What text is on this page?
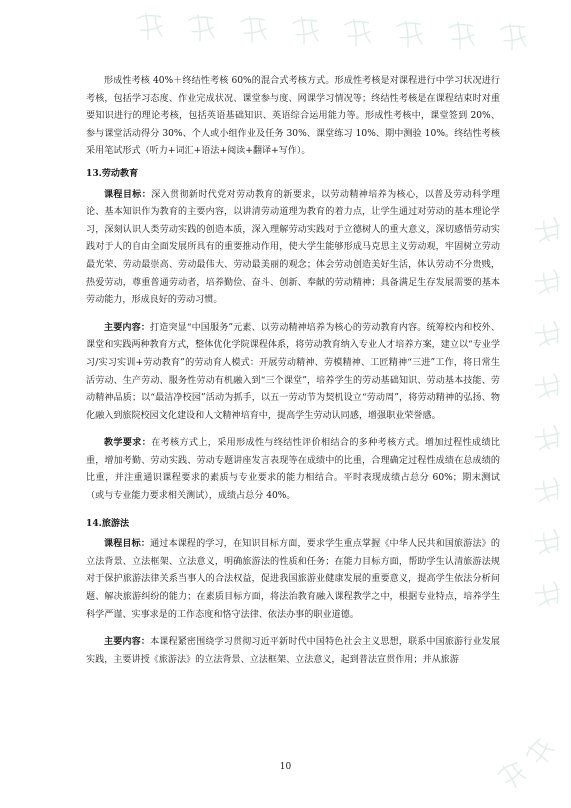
形成性考核 40%＋终结性考核 60%的混合式考核方式。形成性考核是对课程进行中学习状况进行考核，包括学习态度、作业完成状况、课堂参与度、网课学习情况等；终结性考核是在课程结束时对重要知识进行的理论考核，包括英语基础知识、英语综合运用能力等。形成性考核中，课堂签到 20%、参与课堂活动得分 30%、个人或小组作业及任务 30%、课堂练习 10%、期中测验 10%。终结性考核采用笔试形式（听力+词汇+语法+阅读+翻译+写作）。

13.劳动教育

课程目标：深入贯彻新时代党对劳动教育的新要求，以劳动精神培养为核心，以普及劳动科学理论、基本知识作为教育的主要内容，以讲清劳动道理为教育的着力点，让学生通过对劳动的基本理论学习，深刻认识人类劳动实践的创造本质，深入理解劳动实践对于立德树人的重大意义，深切感悟劳动实践对于人的自由全面发展所具有的重要推动作用，使大学生能够形成马克思主义劳动观，牢固树立劳动最光荣、劳动最崇高、劳动最伟大、劳动最美丽的观念；体会劳动创造美好生活，体认劳动不分贵贱，热爱劳动，尊重普通劳动者，培养勤俭、奋斗、创新、奉献的劳动精神；具备满足生存发展需要的基本劳动能力，形成良好的劳动习惯。

主要内容：打造突显“中国服务”元素、以劳动精神培养为核心的劳动教育内容。统筹校内和校外、课堂和实践两种教育方式，整体优化学院课程体系，将劳动教育纳入专业人才培养方案，建立以“专业学习/实习实训+劳动教育”的劳动育人模式：开展劳动精神、劳模精神、工匠精神“三进”工作，将日常生活劳动、生产劳动、服务性劳动有机融入到“三个课堂”，培养学生的劳动基础知识、劳动基本技能、劳动精神品质；以“最洁净校园”活动为抓手，以五一劳动节为契机设立“劳动周”，将劳动精神的弘扬、物化融入到旅院校园文化建设和人文精神培育中，提高学生劳动认同感，增强职业荣誉感。

教学要求：在考核方式上，采用形成性与终结性评价相结合的多种考核方式。增加过程性成绩比重，增加考勤、劳动实践、劳动专题讲座发言表现等在成绩中的比重，合理确定过程性成绩在总成绩的比重，并注重通识课程要求的素质与专业要求的能力相结合。平时表现成绩占总分 60%；期末测试（或与专业能力要求相关测试），成绩占总分 40%。

14.旅游法

课程目标：通过本课程的学习，在知识目标方面，要求学生重点掌握《中华人民共和国旅游法》的立法背景、立法框架、立法意义，明确旅游法的性质和任务；在能力目标方面，帮助学生认清旅游法规对于保护旅游法律关系当事人的合法权益，促进我国旅游业健康发展的重要意义，提高学生依法分析问题、解决旅游纠纷的能力；在素质目标方面，将法治教育融入课程教学之中，根据专业特点，培养学生科学严谨、实事求是的工作态度和恪守法律、依法办事的职业道德。

主要内容：本课程紧密围绕学习贯彻习近平新时代中国特色社会主义思想，联系中国旅游行业发展实践，主要讲授《旅游法》的立法背景、立法框架、立法意义，起到普法宣贯作用；并从旅游

10
